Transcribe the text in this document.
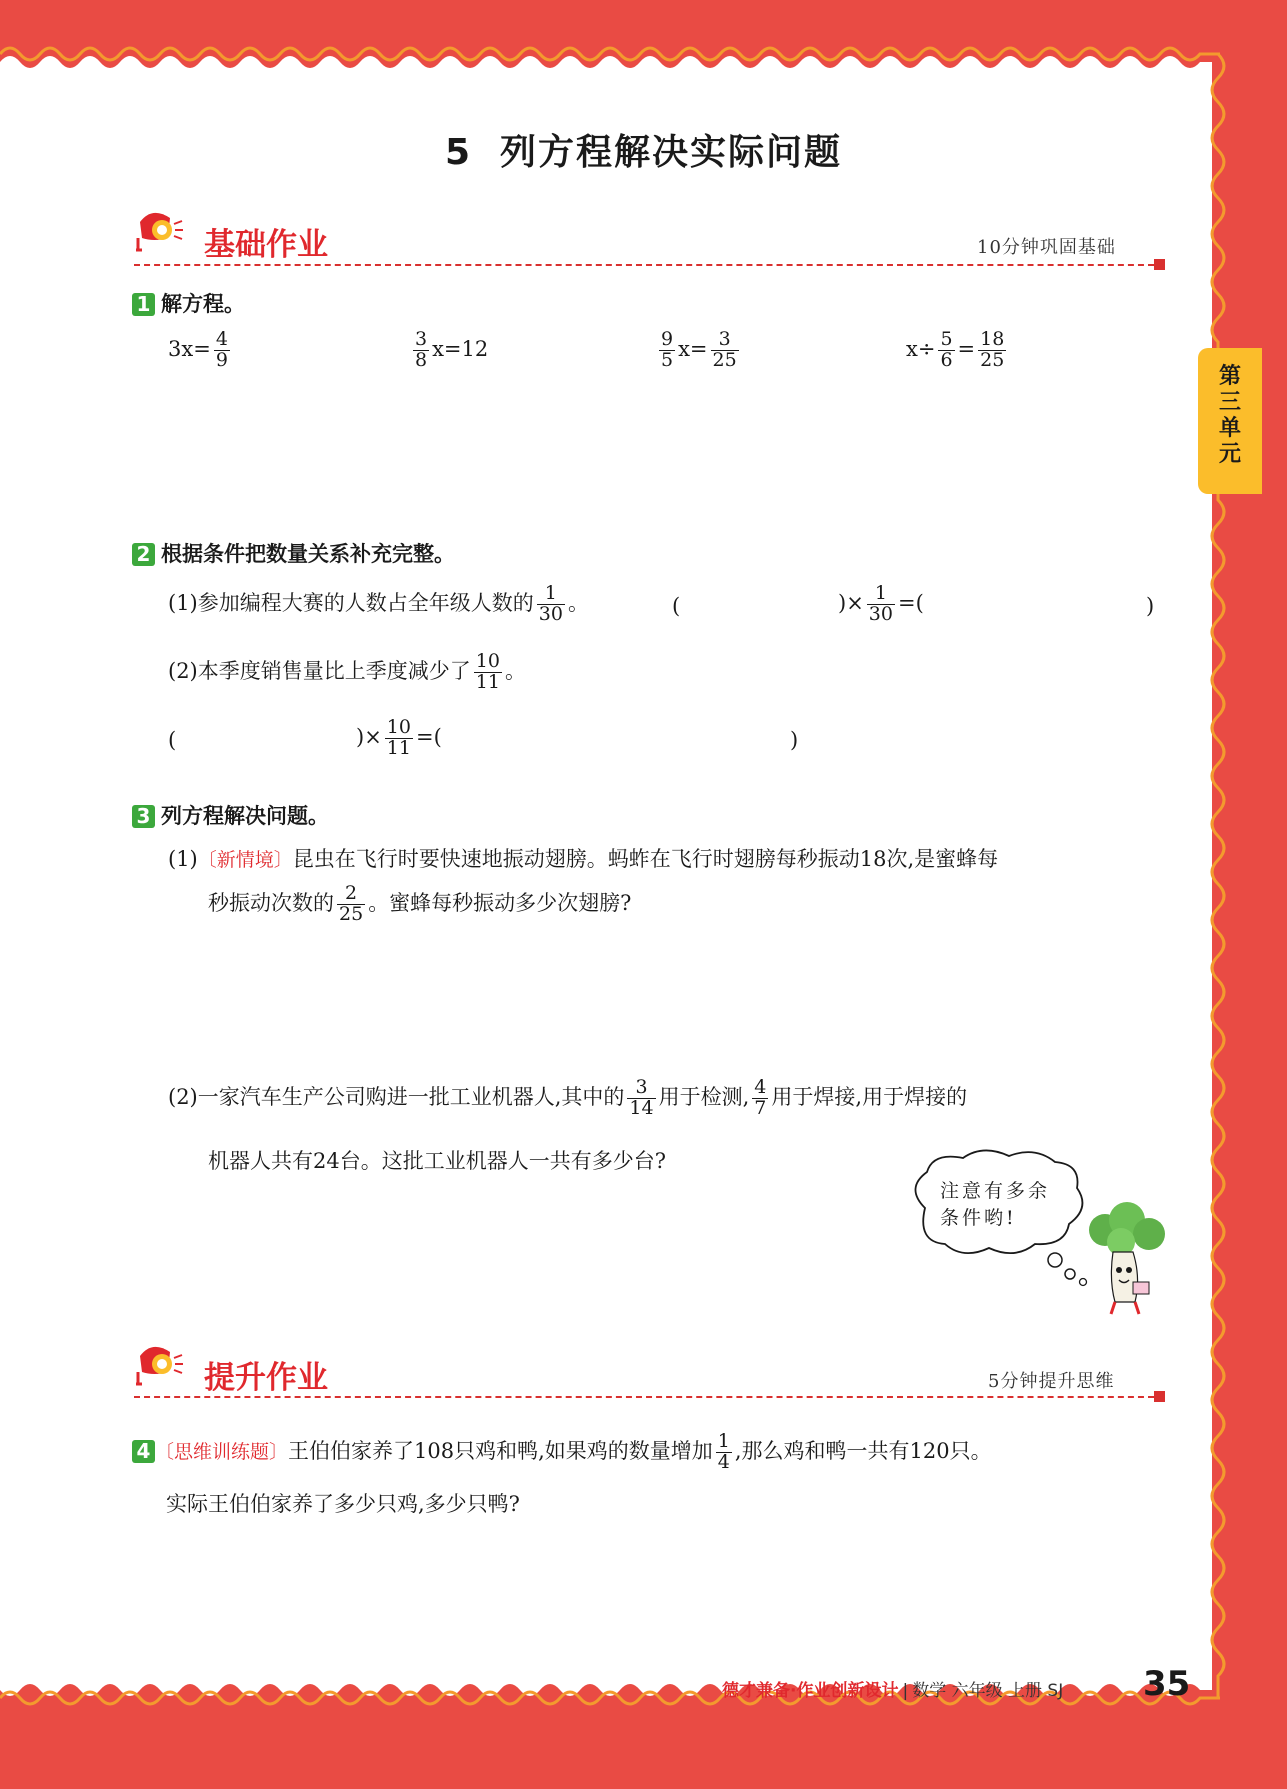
5 列方程解决实际问题
第
三
单
元
基础作业	10分钟巩固基础
1 解方程。
$3x= \frac{4}{9}$	$\frac{3}{8} x=12$	$\frac{9}{5} x= \frac{3}{25}$	$x\div \frac{5}{6} = \frac{18}{25}$
2 根据条件把数量关系补充完整。
(1)参加编程大赛的人数占全年级人数的 $\frac{1}{30}$ 。	(	)× $\frac{1}{30}$ =(	)
(2)本季度销售量比上季度减少了 $\frac{10}{11}$ 。
(	)× $\frac{10}{11}$ =(	)
3 列方程解决问题。
(1)〔新情境〕昆虫在飞行时要快速地振动翅膀。蚂蚱在飞行时翅膀每秒振动18次,是蜜蜂每
秒振动次数的 $\frac{2}{25}$ 。蜜蜂每秒振动多少次翅膀?
(2)一家汽车生产公司购进一批工业机器人,其中的 $\frac{3}{14}$ 用于检测, $\frac{4}{7}$ 用于焊接,用于焊接的
机器人共有24台。这批工业机器人一共有多少台?
注意有多余
条件哟!
提升作业	5分钟提升思维
4 〔思维训练题〕王伯伯家养了108只鸡和鸭,如果鸡的数量增加 $\frac{1}{4}$ ,那么鸡和鸭一共有120只。
实际王伯伯家养了多少只鸡,多少只鸭?
德才兼备·作业创新设计 | 数学 六年级 上册 SJ 35
